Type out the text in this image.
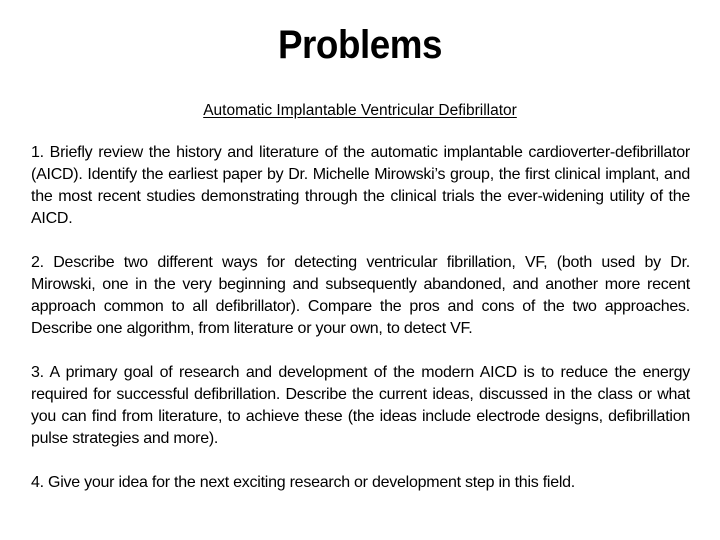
Problems
Automatic Implantable Ventricular Defibrillator

1. Briefly review the history and literature of the automatic implantable cardioverter-defibrillator (AICD). Identify the earliest paper by Dr. Michelle Mirowski’s group, the first clinical implant, and the most recent studies demonstrating through the clinical trials the ever-widening utility of the AICD.

2. Describe two different ways for detecting ventricular fibrillation, VF, (both used by Dr. Mirowski, one in the very beginning and subsequently abandoned, and another more recent approach common to all defibrillator). Compare the pros and cons of the two approaches. Describe one algorithm, from literature or your own, to detect VF.

3. A primary goal of research and development of the modern AICD is to reduce the energy required for successful defibrillation. Describe the current ideas, discussed in the class or what you can find from literature, to achieve these (the ideas include electrode designs, defibrillation pulse strategies and more).

4. Give your idea for the next exciting research or development step in this field.
